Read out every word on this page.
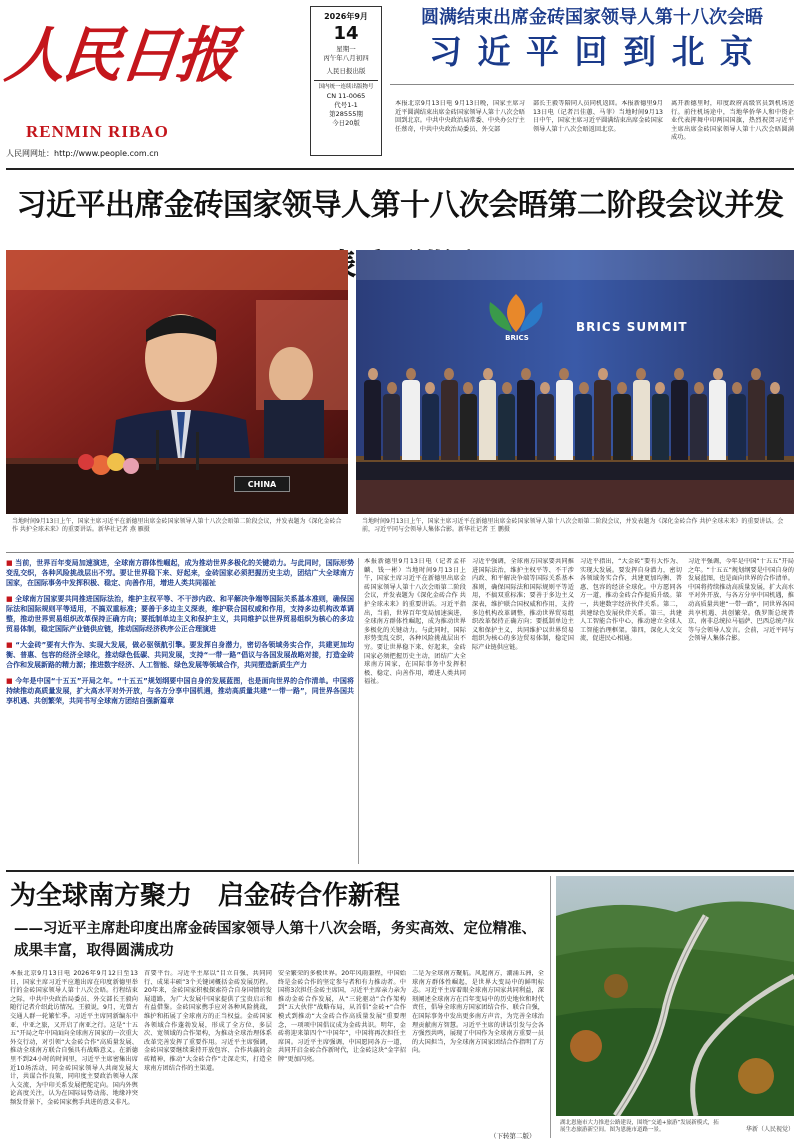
人民日报
RENMIN RIBAO
人民网网址：http://www.people.com.cn
2026年9月
14
星期一
丙午年八月初四
人民日报出版
国内统一连续出版物号
CN 11-0065
代号1-1
第28555期
今日20版
圆满结束出席金砖国家领导人第十八次会晤
习 近 平 回 到 北 京
本报北京9月13日电 9月13日晚，国家主席习近平圆满结束出席金砖国家领导人第十八次会晤回到北京。中共中央政治局常委、中央办公厅主任蔡奇，中共中央政治局委员、外交部
部长王毅等陪同人员同机返回。本报新德里9月13日电（记者吕佳蕙、马菲）当地时间9月13日中午，国家主席习近平圆满结束出席金砖国家领导人第十八次会晤返回北京。
离开新德里时，印度政府高级官员到机场送行。前往机场途中，当地华侨华人和中资企业代表挥舞中印两国国旗，热烈祝贺习近平主席出席金砖国家领导人第十八次会晤圆满成功。
习近平出席金砖国家领导人第十八次会晤第二阶段会议并发
CHINA
BRICS
BRICS SUMMIT
当地时间9月13日上午，国家主席习近平在新德里出席金砖国家领导人第十八次会晤第二阶段会议，并发表题为《深化金砖合作 共护全球未来》的重要讲话。新华社记者 燕 雁摄
当地时间9月13日上午，国家主席习近平在新德里出席金砖国家领导人第十八次会晤第二阶段会议，并发表题为《深化金砖合作 共护全球未来》的重要讲话。会前，习近平同与会领导人集体合影。新华社记者 王 鹏摄
■ 当前，世界百年变局加速演进，全球南方群体性崛起，成为推动世界多极化的关键动力。与此同时，国际形势变乱交织，各种风险挑战层出不穷。要让世界稳下来、好起来，金砖国家必须把握历史主动，团结广大全球南方国家，在国际事务中发挥积极、稳定、向善作用，增进人类共同福祉
■ 全球南方国家要共同推进国际法治，维护主权平等、不干涉内政、和平解决争端等国际关系基本准则，确保国际法和国际规则平等适用，不搞双重标准；要善于多边主义深表，维护联合国权威和作用，支持多边机构改革调整，推动世界贸易组织改革保持正确方向；要抵制单边主义和保护主义，共同维护以世界贸易组织为核心的多边贸易体制，稳定国际产业链供应链，推动国际经济秩序公正合理演进
■ “大金砖”要有大作为、实现大发展，做必驱领航引擎。要发挥自身潜力，密切各领域务实合作，共建更加均衡、普惠、包容的经济全球化，推动绿色低碳、共同发展，支持“一带一路”倡议与各国发展战略对接，打造金砖合作和发展新路的精力源；推进数字经济、人工智能、绿色发展等领域合作，共同塑造新质生产力
■ 今年是中国“十五五”开局之年。“十五五”规划纲要中国自身的发展蓝图，也是面向世界的合作清单。中国将持续推动高质量发展，扩大高水平对外开放，与各方分享中国机遇，推动高质量共建“一带一路”，同世界各国共享机遇、共创繁荣，共同书写全球南方团结自强新篇章
本报新德里9月13日电（记者孟祥麟、钱一彬）当地时间9月13日上午，国家主席习近平在新德里出席金砖国家领导人第十八次会晤第二阶段会议，并发表题为《深化金砖合作 共护全球未来》的重要讲话。习近平指出，当前，世界百年变局加速演进，全球南方群体性崛起，成为推动世界多极化的关键动力。与此同时，国际形势变乱交织，各种风险挑战层出不穷。要让世界稳下来、好起来，金砖国家必须把握历史主动，团结广大全球南方国家，在国际事务中发挥积极、稳定、向善作用，增进人类共同福祉。
习近平强调，全球南方国家要共同推进国际法治，维护主权平等、不干涉内政、和平解决争端等国际关系基本准则，确保国际法和国际规则平等适用，不搞双重标准；要善于多边主义深表，维护联合国权威和作用，支持多边机构改革调整，推动世界贸易组织改革保持正确方向；要抵制单边主义和保护主义，共同维护以世界贸易组织为核心的多边贸易体制，稳定国际产业链供应链。
习近平指出，“大金砖”要有大作为、实现大发展。要发挥自身潜力，密切各领域务实合作，共建更加均衡、普惠、包容的经济全球化。中方愿同各方一道，推动金砖合作提质升级。第一，共建数字经济伙伴关系。第二，共建绿色发展伙伴关系。第三，共建人工智能合作中心，推动建立全球人工智能治理框架。第四，深化人文交流，促进民心相通。
习近平强调，今年是中国“十五五”开局之年。“十五五”规划纲要是中国自身的发展蓝图，也是面向世界的合作清单。中国将持续推动高质量发展，扩大高水平对外开放，与各方分享中国机遇，推动高质量共建“一带一路”，同世界各国共享机遇、共创繁荣。俄罗斯总统普京、南非总统拉马福萨、巴西总统卢拉等与会领导人发言。会前，习近平同与会领导人集体合影。
为全球南方聚力　启金砖合作新程
——习近平主席赴印度出席金砖国家领导人第十八次会晤，务实高效、定位精准、成果丰富，取得圆满成功
本报北京9月13日电 2026年9月12日至13日，国家主席习近平应邀出席在印度新德里举行的金砖国家领导人第十八次会晤。行程结束之际，中共中央政治局委员、外交部长王毅向随行记者介绍此访情况。王毅说，9月，光曾古交通人群一轮繁忙季。习近平主席同新编东中亚、中亚之旅，又开启了南亚之行。这是“十五五”开局之年中国面向全球南方国家的一次重大外交行动，对引领“大金砖合作”高质量发展、推动全球南方联合自强具有战略意义。在新德里不到24小时的时间里，习近平主席密集出席近10场活动，同金砖国家领导人共商发展大计，共谋合作良策，同印度主要政治领导人深入交流，为中印关系发展把舵定向。国内外舆论高度关注，认为在国际局势动荡、地缘冲突频发背景下，金砖国家携手共进的意义非凡。
首要平台。习近平主席以“目立自强、共同同行、成果丰硕”3个关键词概括金砖发展历程。20年来，金砖国家积极探索符合自身国情的发展道路，为广大发展中国家提供了宝贵启示和有益借鉴。金砖国家携手应对各种风险挑战，维护和拓展了全球南方的正当权益。金砖国家各领域合作蓬勃发展，形成了全方位、多层次、宽领域的合作架构，为推动全球治理体系改革完善发挥了重要作用。习近平主席强调，金砖国家要继续秉持开放包容、合作共赢的金砖精神，推动“大金砖合作”走深走实，打造全球南方团结合作的主渠道。
安全繁荣的多极世界。20年风雨兼程，中国始终是金砖合作的坚定参与者和有力推动者。中国将3次担任金砖主席国，习近平主席亲力亲为推动金砖合作发展，从“三轮驱动”合作架构到“五大伙伴”战略布局，从首倡“金砖+”合作模式到推动“大金砖合作高质量发展”重要理念，一项项中国倡议成为金砖共识。明年，金砖将迎来第四个“中国年”，中国将再次担任主席国。习近平主席强调，中国愿同各方一道，共同开启金砖合作新时代，让金砖这块“金字招牌”更加闪亮。
二是为全球南方聚航。风起南方，潮涌五洲，全球南方群体性崛起，是世界大变局中的鲜明标志。习近平主席着眼全球南方国家共同利益，深刻阐述全球南方在百年变局中的历史地位和时代责任，倡导全球南方国家团结合作、联合自强，在国际事务中发出更多南方声音，为完善全球治理贡献南方智慧。习近平主席的讲话引发与会各方强烈共鸣，展现了中国作为全球南方重要一员的大国担当，为全球南方国家团结合作指明了方向。
（下转第二版）
湖北恩施市大力推进公路建设，围绕“交通+旅游”发展新模式，拓展生态旅游新空间。图为恩施市道路一景。	华新（人民视觉）
